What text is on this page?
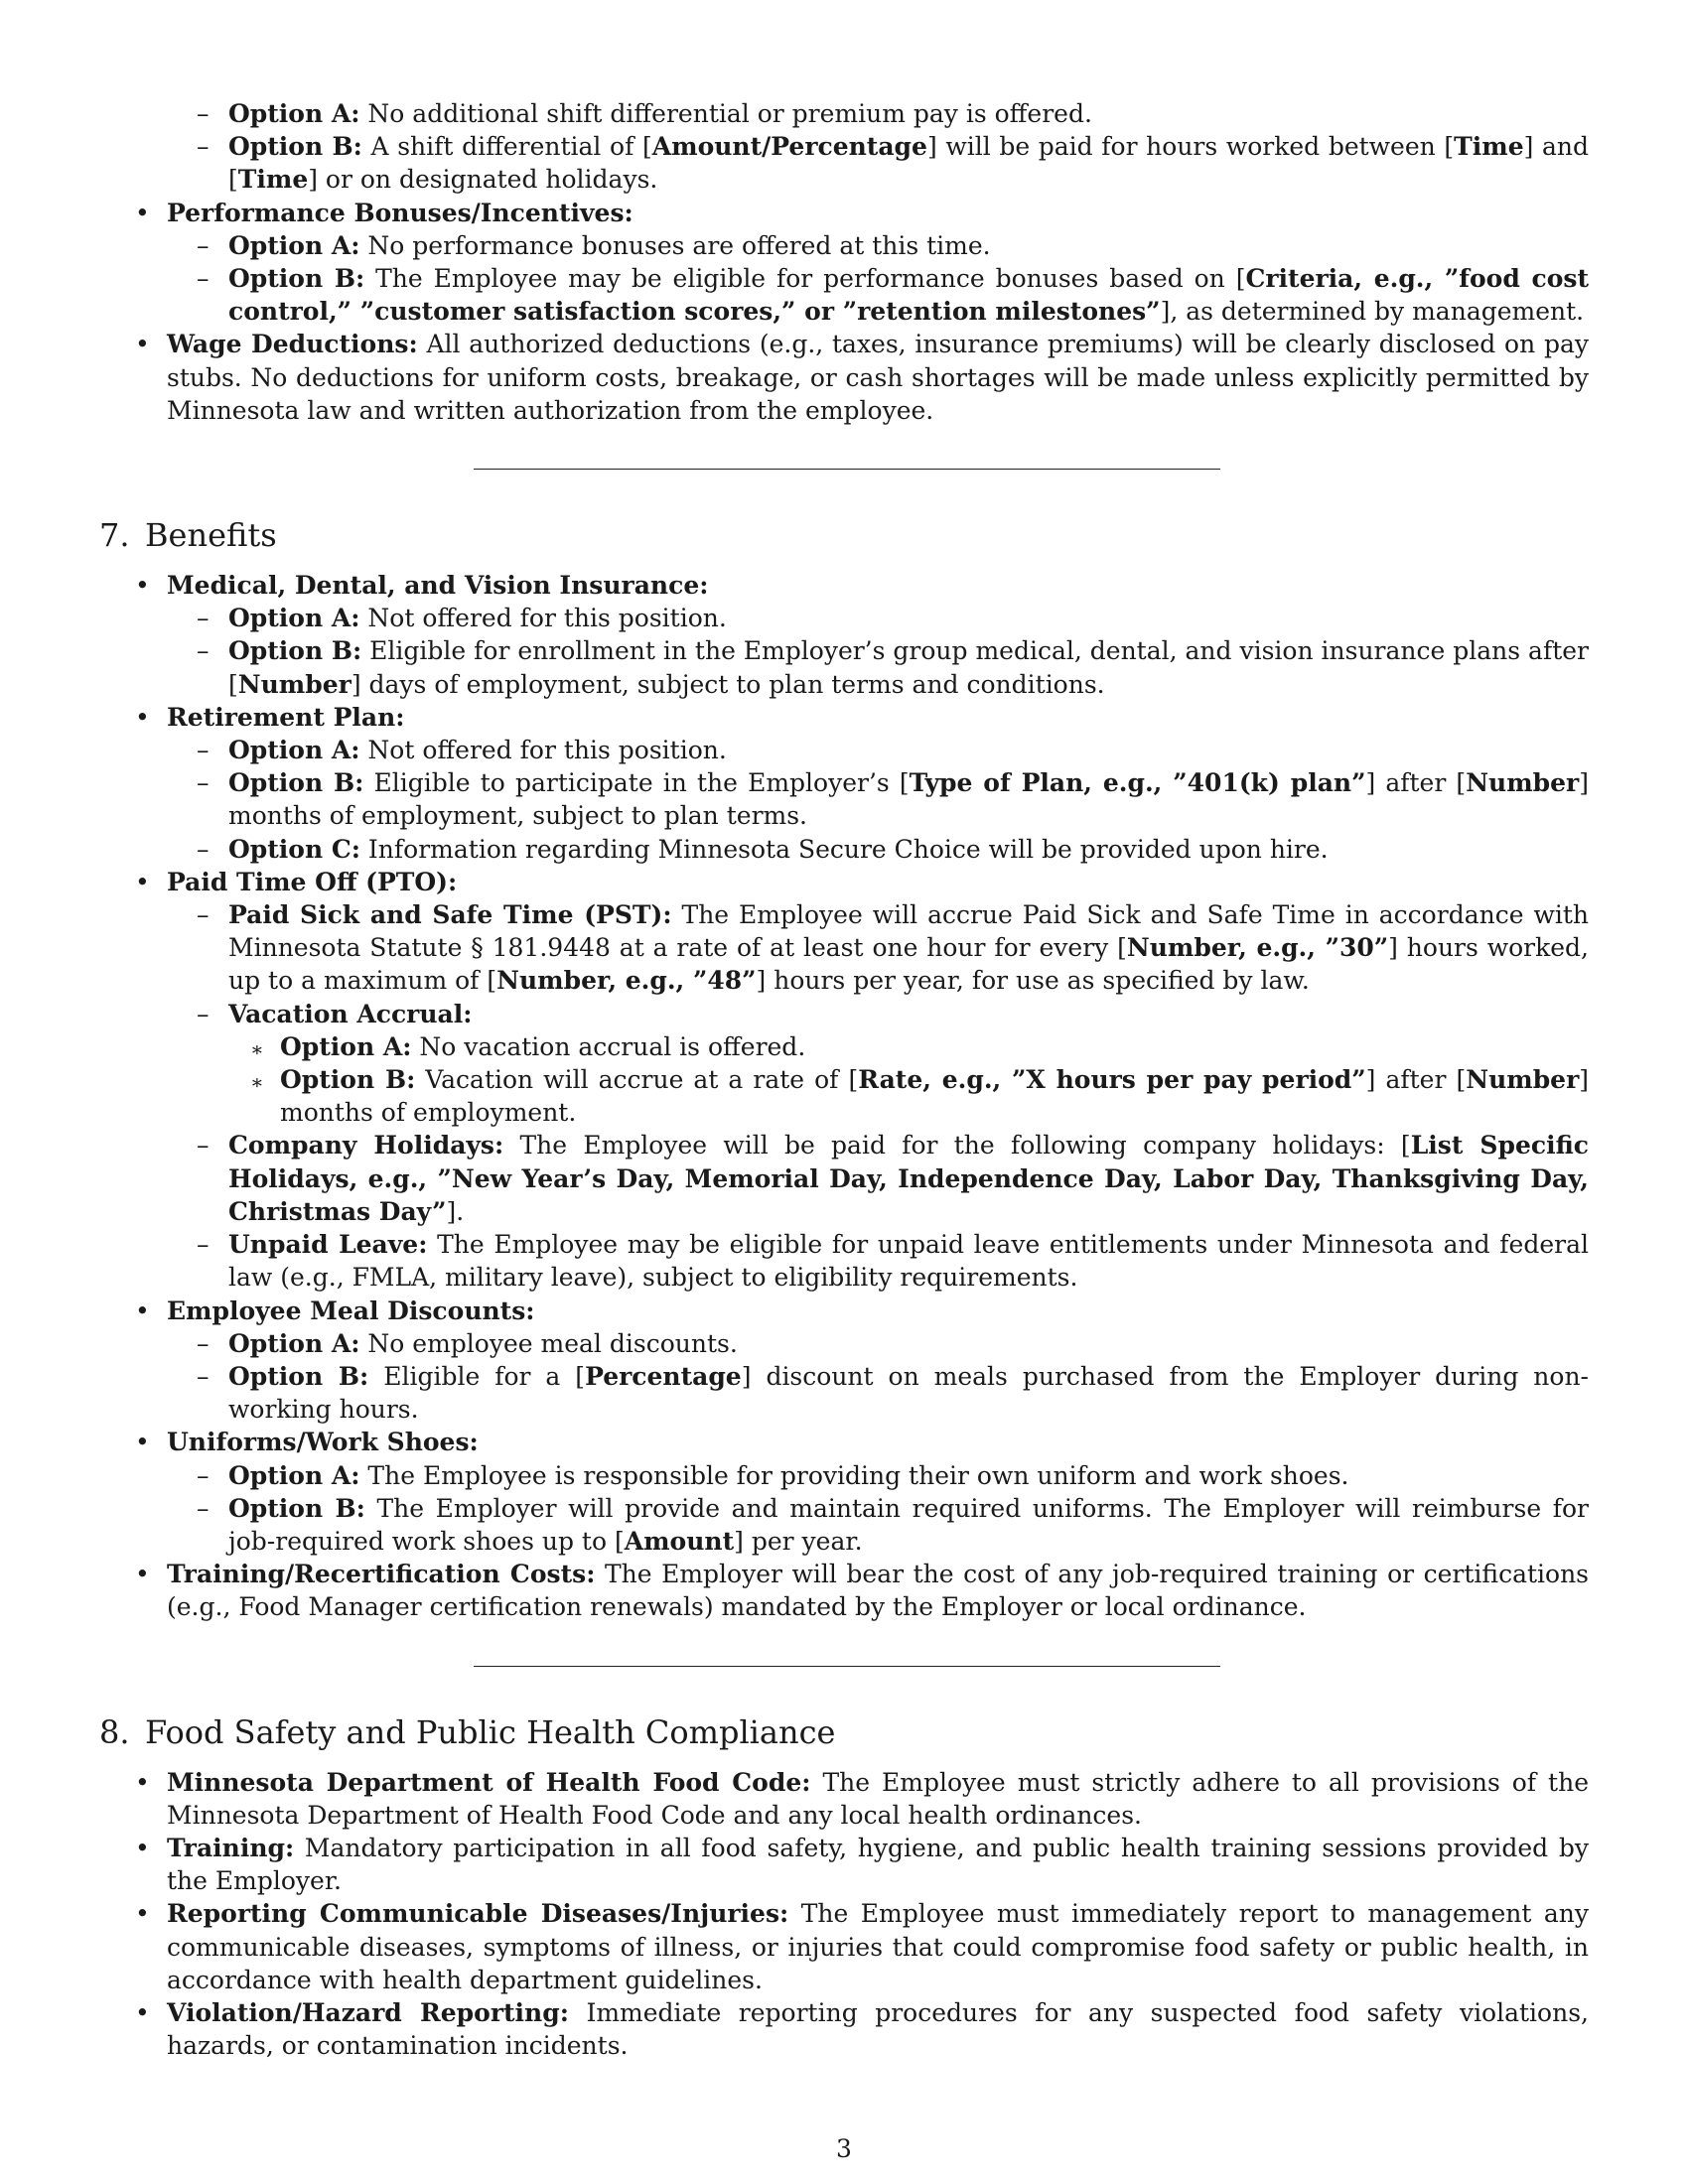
– Option A: No additional shift differential or premium pay is offered.
– Option B: A shift differential of [Amount/Percentage] will be paid for hours worked between [Time] and [Time] or on designated holidays.
• Performance Bonuses/Incentives:
– Option A: No performance bonuses are offered at this time.
– Option B: The Employee may be eligible for performance bonuses based on [Criteria, e.g., ”food cost control,” ”customer satisfaction scores,” or ”retention milestones”], as determined by management.
• Wage Deductions: All authorized deductions (e.g., taxes, insurance premiums) will be clearly disclosed on pay stubs. No deductions for uniform costs, breakage, or cash shortages will be made unless explicitly permitted by Minnesota law and written authorization from the employee.
7. Benefits
• Medical, Dental, and Vision Insurance:
– Option A: Not offered for this position.
– Option B: Eligible for enrollment in the Employer’s group medical, dental, and vision insurance plans after [Number] days of employment, subject to plan terms and conditions.
• Retirement Plan:
– Option A: Not offered for this position.
– Option B: Eligible to participate in the Employer’s [Type of Plan, e.g., ”401(k) plan”] after [Number] months of employment, subject to plan terms.
– Option C: Information regarding Minnesota Secure Choice will be provided upon hire.
• Paid Time Off (PTO):
– Paid Sick and Safe Time (PST): The Employee will accrue Paid Sick and Safe Time in accordance with Minnesota Statute § 181.9448 at a rate of at least one hour for every [Number, e.g., ”30”] hours worked, up to a maximum of [Number, e.g., ”48”] hours per year, for use as specified by law.
– Vacation Accrual:
∗ Option A: No vacation accrual is offered.
∗ Option B: Vacation will accrue at a rate of [Rate, e.g., ”X hours per pay period”] after [Number] months of employment.
– Company Holidays: The Employee will be paid for the following company holidays: [List Specific Holidays, e.g., ”New Year’s Day, Memorial Day, Independence Day, Labor Day, Thanksgiving Day, Christmas Day”].
– Unpaid Leave: The Employee may be eligible for unpaid leave entitlements under Minnesota and federal law (e.g., FMLA, military leave), subject to eligibility requirements.
• Employee Meal Discounts:
– Option A: No employee meal discounts.
– Option B: Eligible for a [Percentage] discount on meals purchased from the Employer during non-working hours.
• Uniforms/Work Shoes:
– Option A: The Employee is responsible for providing their own uniform and work shoes.
– Option B: The Employer will provide and maintain required uniforms. The Employer will reimburse for job-required work shoes up to [Amount] per year.
• Training/Recertification Costs: The Employer will bear the cost of any job-required training or certifications (e.g., Food Manager certification renewals) mandated by the Employer or local ordinance.
8. Food Safety and Public Health Compliance
• Minnesota Department of Health Food Code: The Employee must strictly adhere to all provisions of the Minnesota Department of Health Food Code and any local health ordinances.
• Training: Mandatory participation in all food safety, hygiene, and public health training sessions provided by the Employer.
• Reporting Communicable Diseases/Injuries: The Employee must immediately report to management any communicable diseases, symptoms of illness, or injuries that could compromise food safety or public health, in accordance with health department guidelines.
• Violation/Hazard Reporting: Immediate reporting procedures for any suspected food safety violations, hazards, or contamination incidents.
3
